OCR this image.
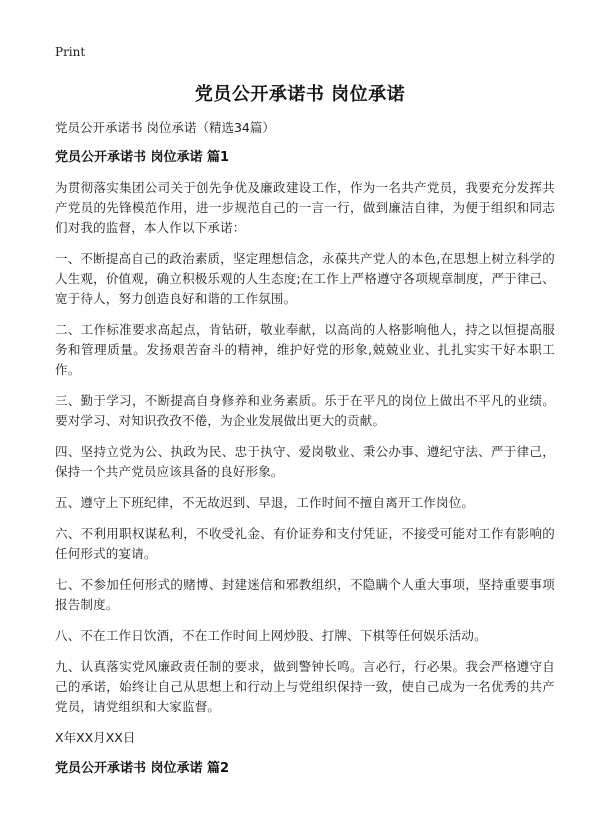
Print
党员公开承诺书 岗位承诺

党员公开承诺书 岗位承诺（精选34篇）

党员公开承诺书 岗位承诺 篇1

为贯彻落实集团公司关于创先争优及廉政建设工作，作为一名共产党员，我要充分发挥共产党员的先锋模范作用，进一步规范自己的一言一行，做到廉洁自律，为便于组织和同志们对我的监督，本人作以下承诺：

一、不断提高自己的政治素质，坚定理想信念，永葆共产党人的本色,在思想上树立科学的人生观，价值观，确立积极乐观的人生态度;在工作上严格遵守各项规章制度，严于律己、宽于待人，努力创造良好和谐的工作氛围。

二、工作标准要求高起点，肯钻研，敬业奉献，以高尚的人格影响他人，持之以恒提高服务和管理质量。发扬艰苦奋斗的精神，维护好党的形象,兢兢业业、扎扎实实干好本职工作。

三、勤于学习，不断提高自身修养和业务素质。乐于在平凡的岗位上做出不平凡的业绩。要对学习、对知识孜孜不倦，为企业发展做出更大的贡献。

四、坚持立党为公、执政为民、忠于执守、爱岗敬业、秉公办事、遵纪守法、严于律己，保持一个共产党员应该具备的良好形象。

五、遵守上下班纪律，不无故迟到、早退，工作时间不擅自离开工作岗位。

六、不利用职权谋私利，不收受礼金、有价证券和支付凭证，不接受可能对工作有影响的任何形式的宴请。

七、不参加任何形式的赌博、封建迷信和邪教组织，不隐瞒个人重大事项，坚持重要事项报告制度。

八、不在工作日饮酒，不在工作时间上网炒股、打牌、下棋等任何娱乐活动。

九、认真落实党风廉政责任制的要求，做到警钟长鸣。言必行，行必果。我会严格遵守自己的承诺，始终让自己从思想上和行动上与党组织保持一致，使自己成为一名优秀的共产党员，请党组织和大家监督。

X年XX月XX日

党员公开承诺书 岗位承诺 篇2
